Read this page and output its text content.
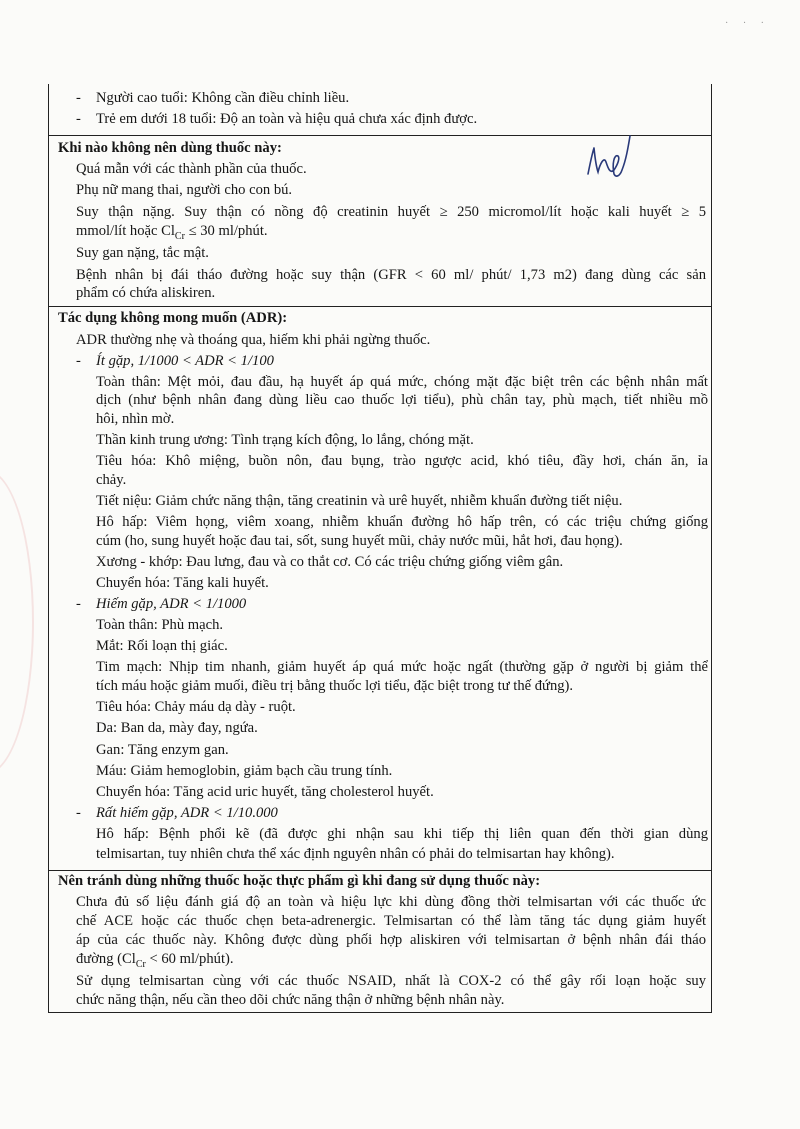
· · ·
- Người cao tuổi: Không cần điều chỉnh liều.
- Trẻ em dưới 18 tuổi: Độ an toàn và hiệu quả chưa xác định được.
Khi nào không nên dùng thuốc này:
Quá mẫn với các thành phần của thuốc.
Phụ nữ mang thai, người cho con bú.
Suy thận nặng. Suy thận có nồng độ creatinin huyết ≥ 250 micromol/lít hoặc kali huyết ≥ 5
mmol/lít hoặc $Cl_{Cr} \le 30$ ml/phút.
Suy gan nặng, tắc mật.
Bệnh nhân bị đái tháo đường hoặc suy thận (GFR < 60 ml/ phút/ 1,73 m2) đang dùng các sản
phẩm có chứa aliskiren.
Tác dụng không mong muốn (ADR):
ADR thường nhẹ và thoáng qua, hiếm khi phải ngừng thuốc.
- Ít gặp, 1/1000 < ADR < 1/100
Toàn thân: Mệt mỏi, đau đầu, hạ huyết áp quá mức, chóng mặt đặc biệt trên các bệnh nhân mất
dịch (như bệnh nhân đang dùng liều cao thuốc lợi tiểu), phù chân tay, phù mạch, tiết nhiều mồ
hôi, nhìn mờ.
Thần kinh trung ương: Tình trạng kích động, lo lắng, chóng mặt.
Tiêu hóa: Khô miệng, buồn nôn, đau bụng, trào ngược acid, khó tiêu, đầy hơi, chán ăn, ỉa
chảy.
Tiết niệu: Giảm chức năng thận, tăng creatinin và urê huyết, nhiễm khuẩn đường tiết niệu.
Hô hấp: Viêm họng, viêm xoang, nhiễm khuẩn đường hô hấp trên, có các triệu chứng giống
cúm (ho, sung huyết hoặc đau tai, sốt, sung huyết mũi, chảy nước mũi, hắt hơi, đau họng).
Xương - khớp: Đau lưng, đau và co thắt cơ. Có các triệu chứng giống viêm gân.
Chuyển hóa: Tăng kali huyết.
- Hiếm gặp, ADR < 1/1000
Toàn thân: Phù mạch.
Mắt: Rối loạn thị giác.
Tim mạch: Nhịp tim nhanh, giảm huyết áp quá mức hoặc ngất (thường gặp ở người bị giảm thể
tích máu hoặc giảm muối, điều trị bằng thuốc lợi tiểu, đặc biệt trong tư thế đứng).
Tiêu hóa: Chảy máu dạ dày - ruột.
Da: Ban da, mày đay, ngứa.
Gan: Tăng enzym gan.
Máu: Giảm hemoglobin, giảm bạch cầu trung tính.
Chuyển hóa: Tăng acid uric huyết, tăng cholesterol huyết.
- Rất hiếm gặp, ADR < 1/10.000
Hô hấp: Bệnh phổi kẽ (đã được ghi nhận sau khi tiếp thị liên quan đến thời gian dùng
telmisartan, tuy nhiên chưa thể xác định nguyên nhân có phải do telmisartan hay không).
Nên tránh dùng những thuốc hoặc thực phẩm gì khi đang sử dụng thuốc này:
Chưa đủ số liệu đánh giá độ an toàn và hiệu lực khi dùng đồng thời telmisartan với các thuốc ức
chế ACE hoặc các thuốc chẹn beta-adrenergic. Telmisartan có thể làm tăng tác dụng giảm huyết
áp của các thuốc này. Không được dùng phối hợp aliskiren với telmisartan ở bệnh nhân đái tháo
đường ($Cl_{Cr} < 60$ ml/phút).
Sử dụng telmisartan cùng với các thuốc NSAID, nhất là COX-2 có thể gây rối loạn hoặc suy
chức năng thận, nếu cần theo dõi chức năng thận ở những bệnh nhân này.
